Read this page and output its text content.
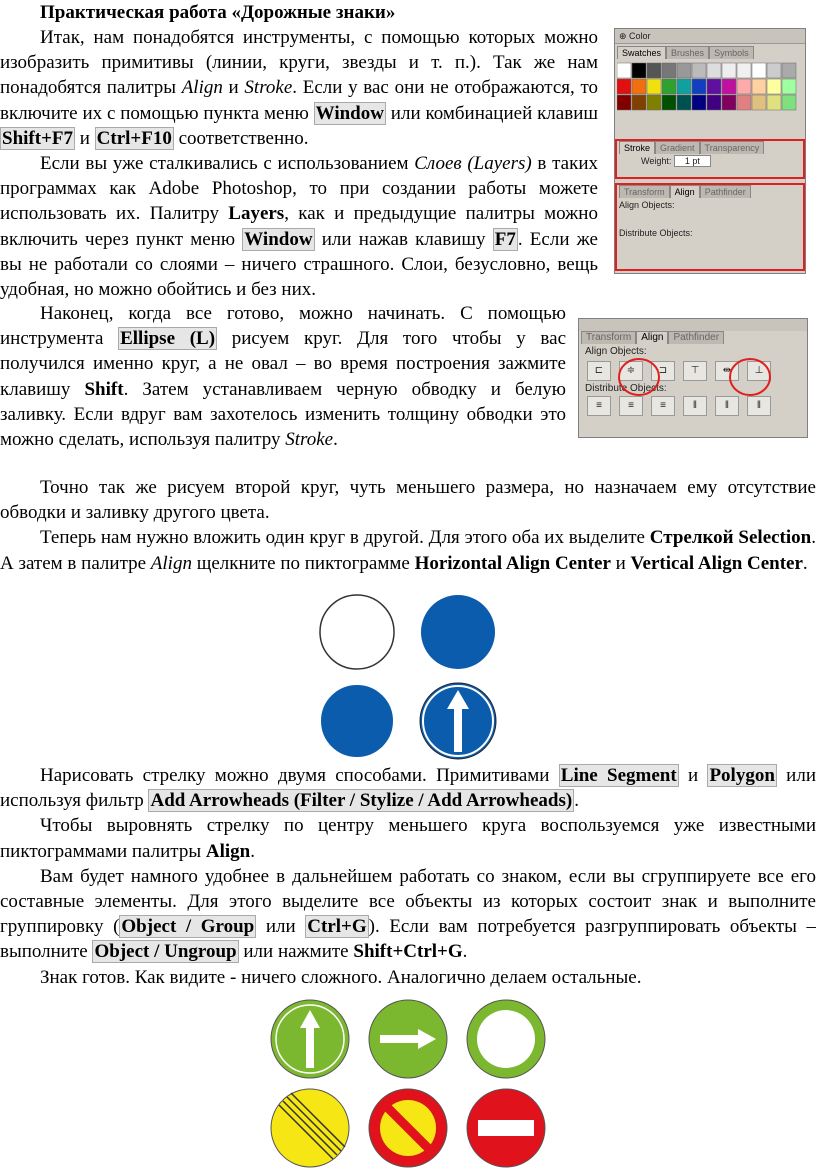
Практическая работа «Дорожные знаки»

Итак, нам понадобятся инструменты, с помощью которых можно изобразить примитивы (линии, круги, звезды и т. п.). Так же нам понадобятся палитры Align и Stroke. Если у вас они не отображаются, то включите их с помощью пункта меню Window или комбинацией клавиш Shift+F7 и Ctrl+F10 соответственно.

Если вы уже сталкивались с использованием Слоев (Layers) в таких программах как Adobe Photoshop, то при создании работы можете использовать их. Палитру Layers, как и предыдущие палитры можно включить через пункт меню Window или нажав клавишу F7 . Если же вы не работали со слоями – ничего страшного. Слои, безусловно, вещь удобная, но можно обойтись и без них.

Наконец, когда все готово, можно начинать. С помощью инструмента Ellipse (L) рисуем круг. Для того чтобы у вас получился именно круг, а не овал – во время построения зажмите клавишу Shift. Затем устанавливаем черную обводку и белую заливку. Если вдруг вам захотелось изменить толщину обводки это можно сделать, используя палитру Stroke.

Точно так же рисуем второй круг, чуть меньшего размера, но назначаем ему отсутствие обводки и заливку другого цвета.

Теперь нам нужно вложить один круг в другой. Для этого оба их выделите Стрелкой Selection. А затем в палитре Align щелкните по пиктограмме Horizontal Align Center и Vertical Align Center.

Нарисовать стрелку можно двумя способами. Примитивами Line Segment и Polygon или используя фильтр Add Arrowheads (Filter / Stylize / Add Arrowheads) .

Чтобы выровнять стрелку по центру меньшего круга воспользуемся уже известными пиктограммами палитры Align.

Вам будет намного удобнее в дальнейшем работать со знаком, если вы сгруппируете все его составные элементы. Для этого выделите все объекты из которых состоит знак и выполните группировку ( Object / Group или Ctrl+G ). Если вам потребуется разгруппировать объекты – выполните Object / Ungroup или нажмите Shift+Ctrl+G.

Знак готов. Как видите - ничего сложного. Аналогично делаем остальные.

⊕ Color
Swatches	Brushes	Symbols
Stroke	Gradient	Transparency
Weight: 1 pt
Transform	Align	Pathfinder
Align Objects:
Distribute Objects:
Transform	Align	Pathfinder
Align Objects:
⊏ ≑ ⊐ ⊤ ⇹ ⊥
Distribute Objects:
≡	≡	≡	‖	‖	‖
